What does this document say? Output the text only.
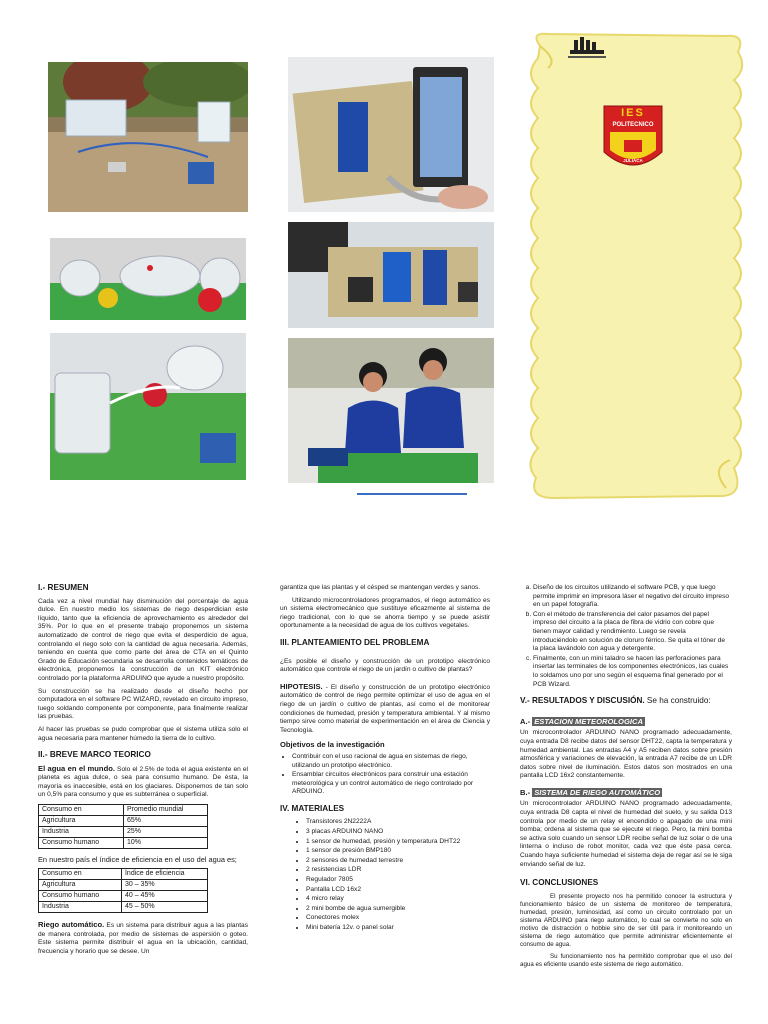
IES
POLITECNICO
JULIACA
I.- RESUMEN

Cada vez a nivel mundial hay disminución del porcentaje de agua dulce. En nuestro medio los sistemas de riego desperdician este líquido, tanto que la eficiencia de aprovechamiento es alrededor del 35%. Por lo que en el presente trabajo proponemos un sistema automatizado de control de riego que evita el desperdicio de agua, controlando el riego solo con la cantidad de agua necesaria. Además, teniendo en cuenta que como parte del área de CTA en el Quinto Grado de Educación secundaria se desarrolla contenidos temáticos de electrónica, proponemos la construcción de un KIT electrónico controlado por la plataforma ARDUINO que ayude a nuestro propósito.

Su construcción se ha realizado desde el diseño hecho por computadora en el software PC WIZARD, revelado en circuito impreso, luego soldando componente por componente, para finalmente realizar las pruebas.

Al hacer las pruebas se pudo comprobar que el sistema utiliza solo el agua necesaria para mantener húmedo la tierra de lo cultivo.

II.- BREVE MARCO TEORICO

El agua en el mundo. Solo el 2.5% de toda el agua existente en el planeta es agua dulce, o sea para consumo humano. De ésta, la mayoría es inaccesible, está en los glaciares. Disponemos de tan solo un 0,5% para consumo y que es subterránea o superficial.

Consumo en	Promedio mundial
Agricultura	65%
Industria	25%
Consumo humano	10%

En nuestro país el índice de eficiencia en el uso del agua es;

Consumo en	Índice de eficiencia
Agricultura	30 – 35%
Consumo humano	40 – 45%
Industria	45 – 50%

Riego automático. Es un sistema para distribuir agua a las plantas de manera controlada, por medio de sistemas de aspersión o goteo. Este sistema permite distribuir el agua en la ubicación, cantidad, frecuencia y horario que se desee. Un

garantiza que las plantas y el césped se mantengan verdes y sanos.

Utilizando microcontroladores programados, el riego automático es un sistema electromecánico que sustituye eficazmente al sistema de riego tradicional, con lo que se ahorra tiempo y se puede asistir oportunamente a la necesidad de agua de los cultivos vegetales.

III. PLANTEAMIENTO DEL PROBLEMA

¿Es posible el diseño y construcción de un prototipo electrónico automático que controle el riego de un jardín o cultivo de plantas?

HIPOTESIS. - El diseño y construcción de un prototipo electrónico automático de control de riego permite optimizar el uso de agua en el riego de un jardín o cultivo de plantas, así como el de monitorear condiciones de humedad, presión y temperatura ambiental. Y al mismo tiempo sirve como material de experimentación en el área de Ciencia y Tecnología.

Objetivos de la investigación
• Contribuir con el uso racional de agua en sistemas de riego, utilizando un prototipo electrónico.
• Ensamblar circuitos electrónicos para construir una estación meteorológica y un control automático de riego controlado por ARDUINO.
IV. MATERIALES
• Transistores 2N2222A
• 3 placas ARDUINO NANO
• 1 sensor de humedad, presión y temperatura DHT22
• 1 sensor de presión BMP180
• 2 sensores de humedad terrestre
• 2 resistencias LDR
• Regulador 7805
• Pantalla LCD 16x2
• 4 micro relay
• 2 mini bombe de agua sumergible
• Conectores molex
• Mini batería 12v. o panel solar
a. Diseño de los circuitos utilizando el software PCB, y que luego permite imprimir en impresora láser el negativo del circuito impreso en un papel fotografía.
b. Con el método de transferencia del calor pasamos del papel impreso del circuito a la placa de fibra de vidrio con cobre que tienen mayor calidad y rendimiento. Luego se revela introduciéndolo en solución de cloruro férrico. Se quita el tóner de la placa lavándolo con agua y detergente.
c. Finalmente, con un mini taladro se hacen las perforaciones para insertar las terminales de los componentes electrónicos, las cuales lo soldamos uno por uno según el esquema final generado por el PCB Wizard.
V.- RESULTADOS Y DISCUSIÓN. Se ha construido:
A.- ESTACION METEOROLOGICA

Un microcontrolador ARDUINO NANO programado adecuadamente, cuya entrada D8 recibe datos del sensor DHT22, capta la temperatura y humedad ambiental. Las entradas A4 y A5 reciben datos sobre presión atmosférica y variaciones de elevación, la entrada A7 recibe de un LDR datos sobre nivel de iluminación. Estos datos son mostrados en una pantalla LCD 16x2 constantemente.

B.- SISTEMA DE RIEGO AUTOMÁTICO

Un microcontrolador ARDUINO NANO programado adecuadamente, cuya entrada D8 capta el nivel de humedad del suelo, y su salida D13 controla por medio de un relay el encendido o apagado de una mini bomba; ordena al sistema que se ejecute el riego. Pero, la mini bomba se activa solo cuando un sensor LDR recibe señal de luz solar o de una linterna o incluso de robot monitor, cada vez que éste pasa cerca. Cuando haya suficiente humedad el sistema deja de regar así se le siga enviando señal de luz.

VI. CONCLUSIONES

El presente proyecto nos ha permitido conocer la estructura y funcionamiento básico de un sistema de monitoreo de temperatura, humedad, presión, luminosidad, así como un circuito controlado por un sistema ARDUINO para riego automático, lo cual se convierte no solo en motivo de distracción o hobbie sino de ser útil para ir monitoreando un sistema de riego automático que permite administrar eficientemente el consumo de agua.

Su funcionamiento nos ha permitido comprobar que el uso del agua es eficiente usando este sistema de riego automático.
